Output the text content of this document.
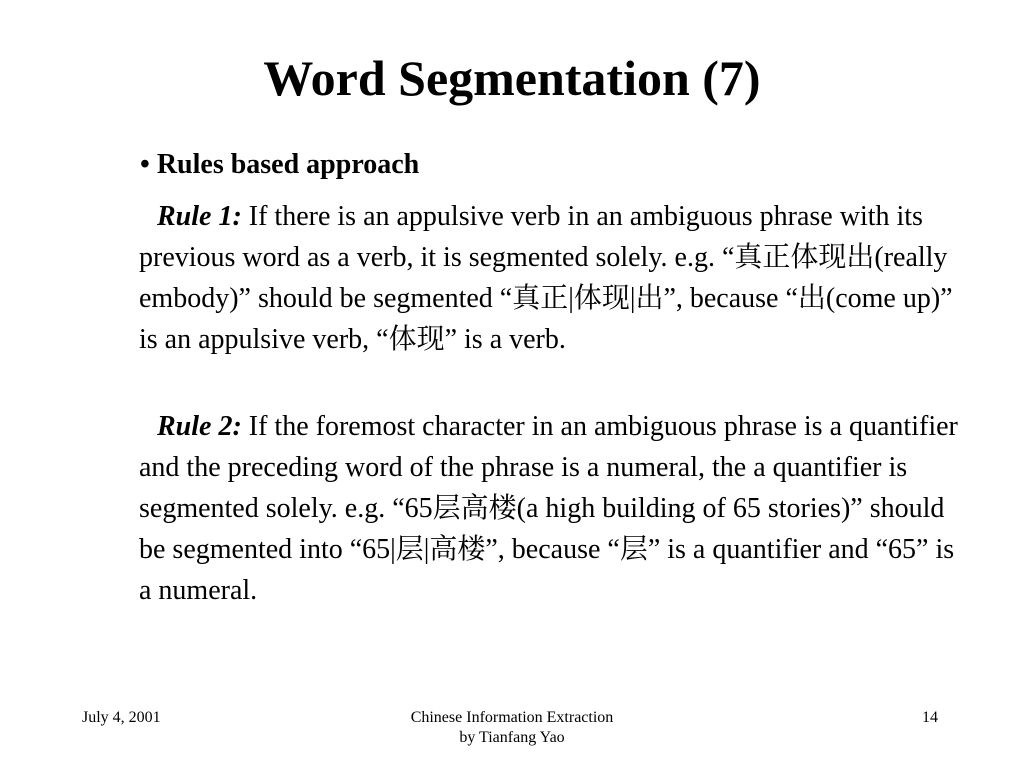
Word Segmentation (7)
• Rules based approach

Rule 1: If there is an appulsive verb in an ambiguous phrase with its previous word as a verb, it is segmented solely. e.g. “真正体现出(really embody)” should be segmented “真正|体现|出”, because “出(come up)” is an appulsive verb, “体现” is a verb.

Rule 2: If the foremost character in an ambiguous phrase is a quantifier and the preceding word of the phrase is a numeral, the a quantifier is segmented solely. e.g. “65层高楼(a high building of 65 stories)” should be segmented into “65|层|高楼”, because “层” is a quantifier and “65” is a numeral.

July 4, 2001	Chinese Information Extraction
by Tianfang Yao
14
